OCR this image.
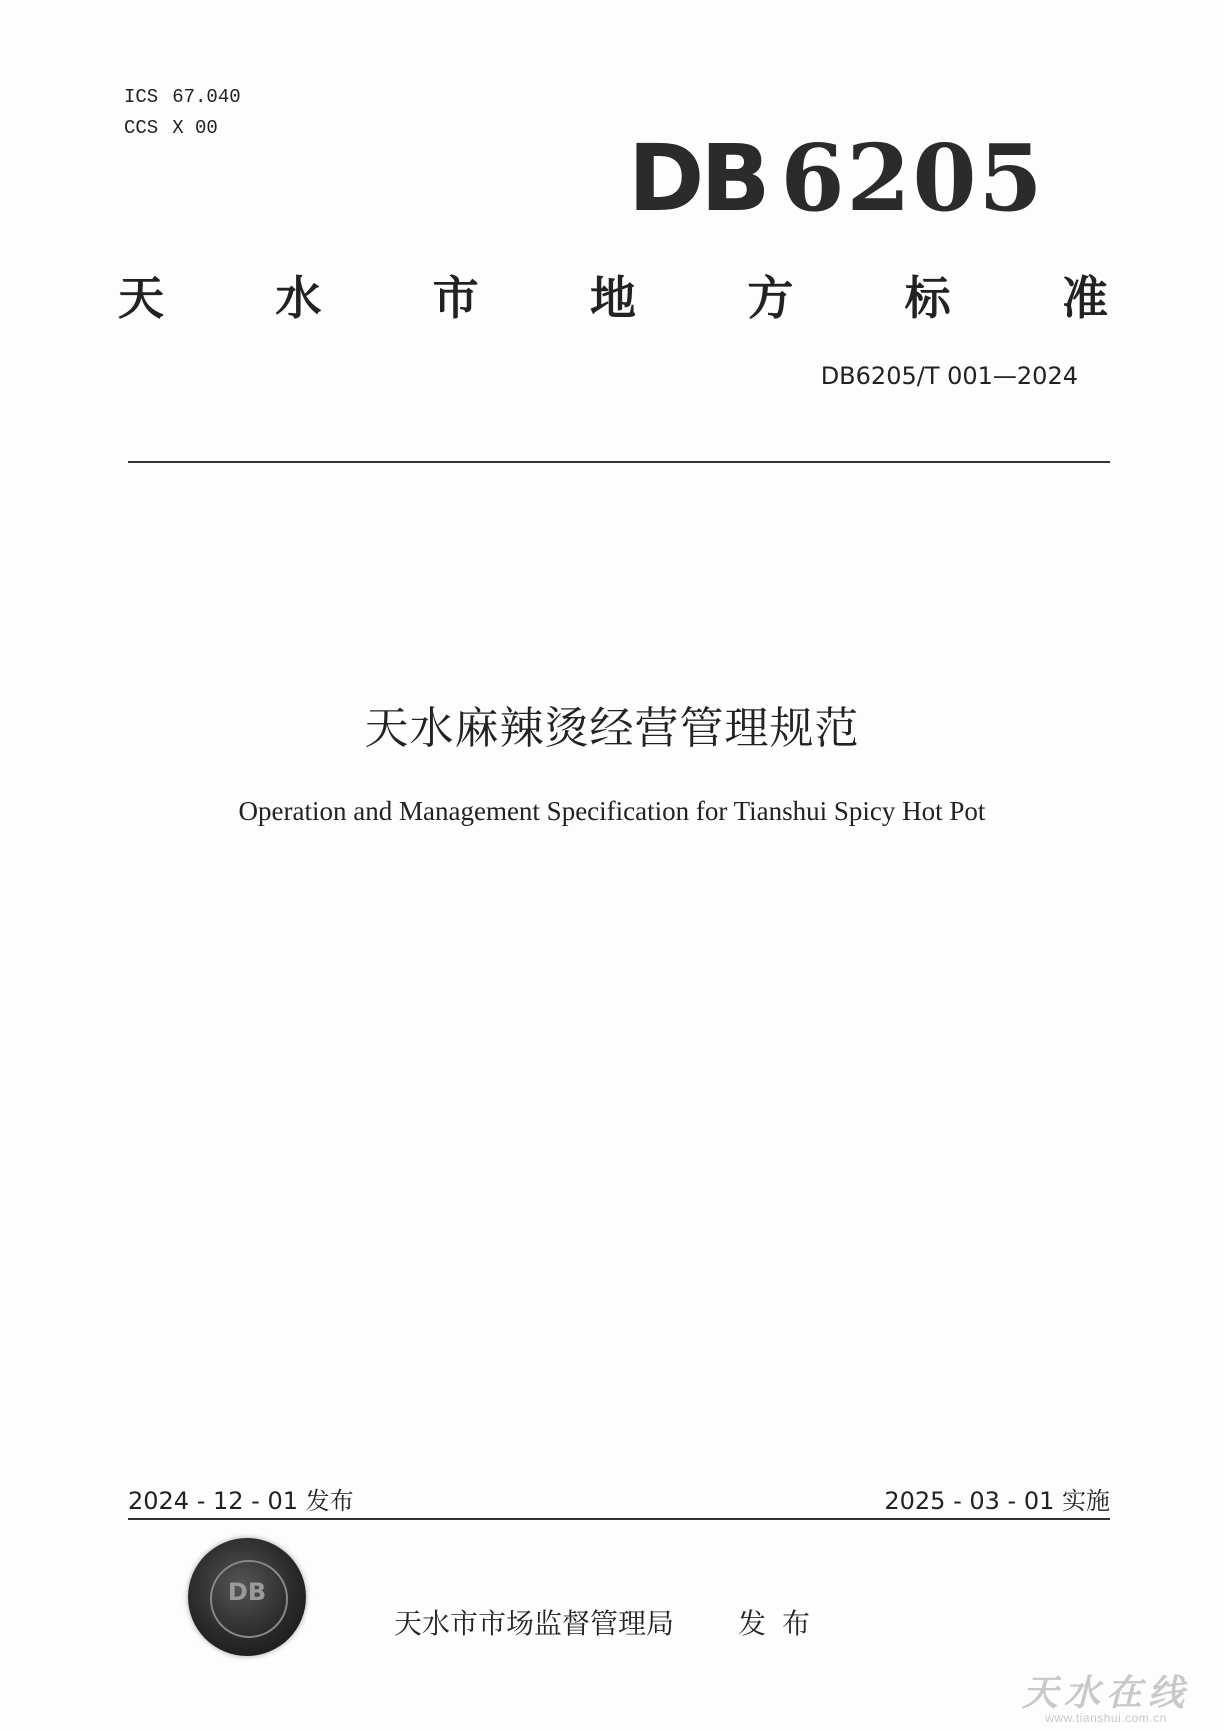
ICS 67.040
CCS X 00	DB 6205
天 水 市 地 方 标 准
DB6205/T 001—2024
天水麻辣烫经营管理规范
Operation and Management Specification for Tianshui Spicy Hot Pot
2024 - 12 - 01 发布	2025 - 03 - 01 实施
DB
天水市市场监督管理局 发布
天水在线
www.tianshui.com.cn
